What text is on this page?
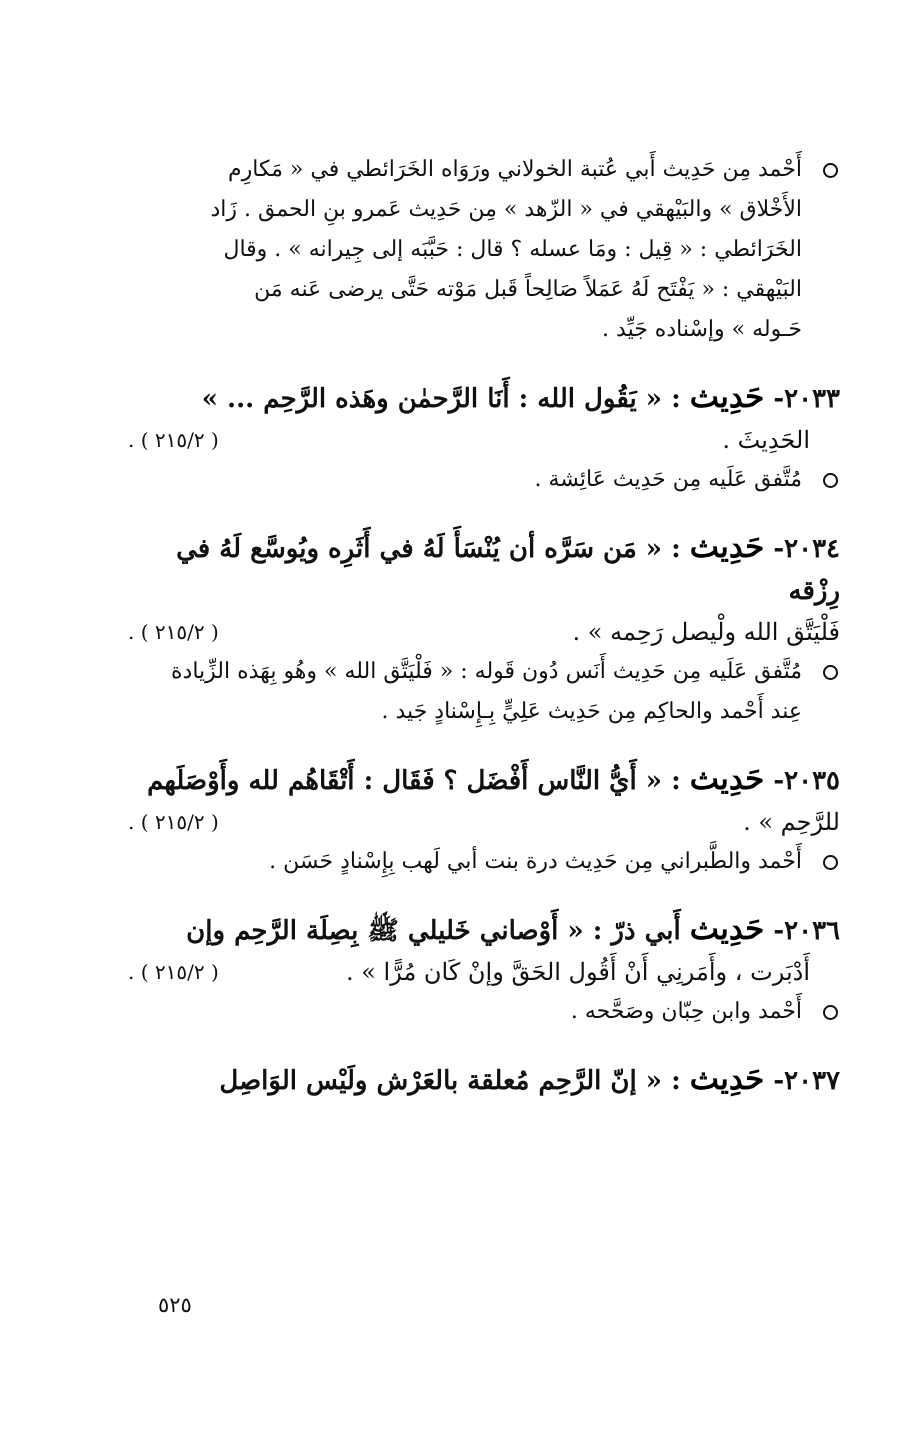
أَحْمد مِن حَدِيث أَبي عُتبة الخولاني ورَوَاه الخَرَائطي في « مَكارِم
الأَخْلاق » والبَيْهقي في « الزّهد » مِن حَدِيث عَمرو بنِ الحمق . زَاد
الخَرَائطي : « قِيل : ومَا عسله ؟ قال : حَبَّبَه إلى جِيرانه » . وقال
البَيْهقي : « يَفْتَح لَهُ عَمَلاً صَالِحاً قَبل مَوْته حَتَّى يرضى عَنه مَن
حَـوله » وإسْناده جَيِّد .
٢٠٣٣- حَدِيث : « يَقُول الله : أَنَا الرَّحمٰن وهَذه الرَّحِم ... »
الحَدِيثَ .
( ٢١٥/٢ ) .
مُتَّفق عَلَيه مِن حَدِيث عَائِشة .
٢٠٣٤- حَدِيث : « مَن سَرَّه أن يُنْسَأَ لَهُ في أَثَرِه ويُوسَّع لَهُ في رِزْقه
فَلْيَتَّق الله ولْيصل رَحِمه » .
( ٢١٥/٢ ) .
مُتَّفق عَلَيه مِن حَدِيث أَنَس دُون قَوله : « فَلْيَتَّق الله » وهُو بِهَذه الزِّيادة
عِند أَحْمد والحاكِم مِن حَدِيث عَلِيٍّ بِـإِسْنادٍ جَيد .
٢٠٣٥- حَدِيث : « أَيُّ النَّاس أَفْضَل ؟ فَقَال : أَتْقَاهُم لله وأَوْصَلَهم
للرَّحِم » .
( ٢١٥/٢ ) .
أَحْمد والطَّبراني مِن حَدِيث درة بنت أبي لَهب بِإِسْنادٍ حَسَن .
٢٠٣٦- حَدِيث أَبي ذرّ : « أَوْصاني خَليلي ﷺ بِصِلَة الرَّحِم وإن
أَدْبَرت ، وأَمَرنِي أَنْ أَقُول الحَقَّ وإنْ كَان مُرًّا » .
( ٢١٥/٢ ) .
أَحْمد وابن حِبّان وصَحَّحه .
٢٠٣٧- حَدِيث : « إنّ الرَّحِم مُعلقة بالعَرْش ولَيْس الوَاصِل
٥٢٥
